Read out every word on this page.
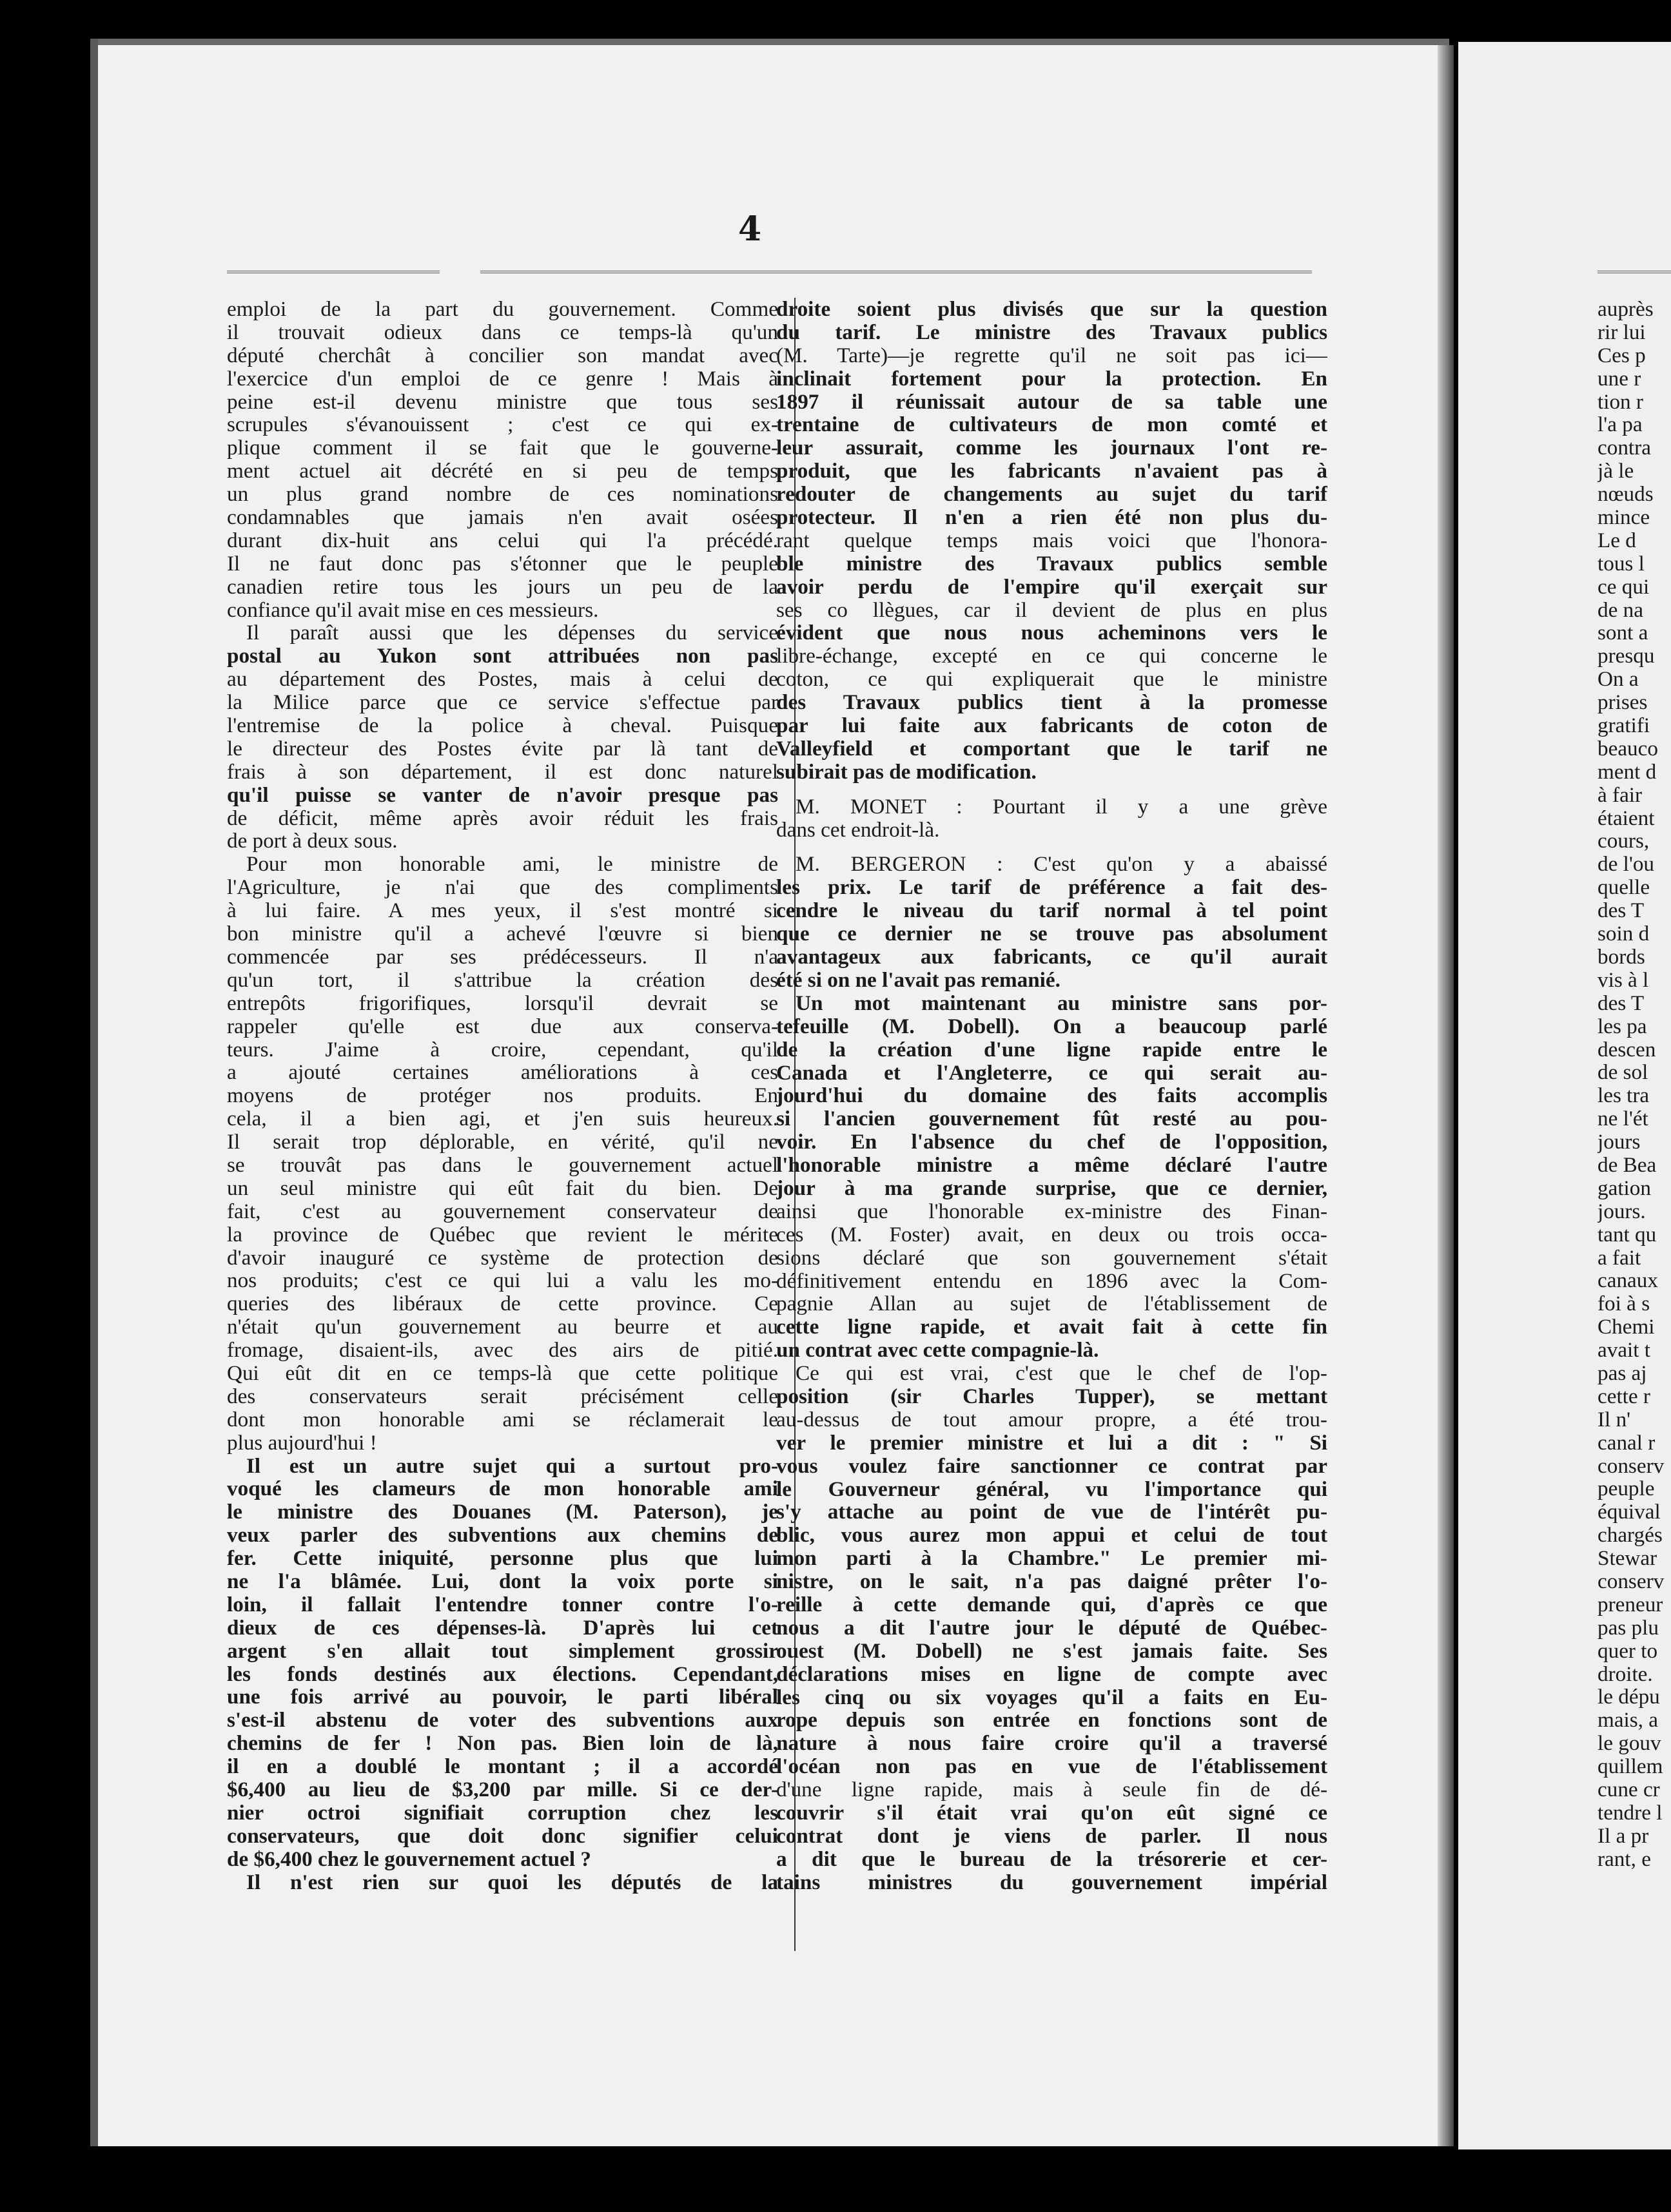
4
emploi de la part du gouvernement. Comme
il trouvait odieux dans ce temps-là qu'un
député cherchât à concilier son mandat avec
l'exercice d'un emploi de ce genre ! Mais à
peine est-il devenu ministre que tous ses
scrupules s'évanouissent ; c'est ce qui ex-
plique comment il se fait que le gouverne-
ment actuel ait décrété en si peu de temps
un plus grand nombre de ces nominations
condamnables que jamais n'en avait osées
durant dix-huit ans celui qui l'a précédé.
Il ne faut donc pas s'étonner que le peuple
canadien retire tous les jours un peu de la
confiance qu'il avait mise en ces messieurs.
Il paraît aussi que les dépenses du service
postal au Yukon sont attribuées non pas
au département des Postes, mais à celui de
la Milice parce que ce service s'effectue par
l'entremise de la police à cheval. Puisque
le directeur des Postes évite par là tant de
frais à son département, il est donc naturel
qu'il puisse se vanter de n'avoir presque pas
de déficit, même après avoir réduit les frais
de port à deux sous.
Pour mon honorable ami, le ministre de
l'Agriculture, je n'ai que des compliments
à lui faire. A mes yeux, il s'est montré si
bon ministre qu'il a achevé l'œuvre si bien
commencée par ses prédécesseurs. Il n'a
qu'un tort, il s'attribue la création des
entrepôts frigorifiques, lorsqu'il devrait se
rappeler qu'elle est due aux conserva-
teurs. J'aime à croire, cependant, qu'il
a ajouté certaines améliorations à ces
moyens de protéger nos produits. En
cela, il a bien agi, et j'en suis heureux.
Il serait trop déplorable, en vérité, qu'il ne
se trouvât pas dans le gouvernement actuel
un seul ministre qui eût fait du bien. De
fait, c'est au gouvernement conservateur de
la province de Québec que revient le mérite
d'avoir inauguré ce système de protection de
nos produits; c'est ce qui lui a valu les mo-
queries des libéraux de cette province. Ce
n'était qu'un gouvernement au beurre et au
fromage, disaient-ils, avec des airs de pitié.
Qui eût dit en ce temps-là que cette politique
des conservateurs serait précisément celle
dont mon honorable ami se réclamerait le
plus aujourd'hui !
Il est un autre sujet qui a surtout pro-
voqué les clameurs de mon honorable ami
le ministre des Douanes (M. Paterson), je
veux parler des subventions aux chemins de
fer. Cette iniquité, personne plus que lui
ne l'a blâmée. Lui, dont la voix porte si
loin, il fallait l'entendre tonner contre l'o-
dieux de ces dépenses-là. D'après lui cet
argent s'en allait tout simplement grossir
les fonds destinés aux élections. Cependant,
une fois arrivé au pouvoir, le parti libéral
s'est-il abstenu de voter des subventions aux
chemins de fer ! Non pas. Bien loin de là,
il en a doublé le montant ; il a accordé
$6,400 au lieu de $3,200 par mille. Si ce der-
nier octroi signifiait corruption chez les
conservateurs, que doit donc signifier celui
de $6,400 chez le gouvernement actuel ?
Il n'est rien sur quoi les députés de la
droite soient plus divisés que sur la question
du tarif. Le ministre des Travaux publics
(M. Tarte)—je regrette qu'il ne soit pas ici—
inclinait fortement pour la protection. En
1897 il réunissait autour de sa table une
trentaine de cultivateurs de mon comté et
leur assurait, comme les journaux l'ont re-
produit, que les fabricants n'avaient pas à
redouter de changements au sujet du tarif
protecteur. Il n'en a rien été non plus du-
rant quelque temps mais voici que l'honora-
ble ministre des Travaux publics semble
avoir perdu de l'empire qu'il exerçait sur
ses co llègues, car il devient de plus en plus
évident que nous nous acheminons vers le
libre-échange, excepté en ce qui concerne le
coton, ce qui expliquerait que le ministre
des Travaux publics tient à la promesse
par lui faite aux fabricants de coton de
Valleyfield et comportant que le tarif ne
subirait pas de modification.
M. MONET : Pourtant il y a une grève
dans cet endroit-là.
M. BERGERON : C'est qu'on y a abaissé
les prix. Le tarif de préférence a fait des-
cendre le niveau du tarif normal à tel point
que ce dernier ne se trouve pas absolument
avantageux aux fabricants, ce qu'il aurait
été si on ne l'avait pas remanié.
Un mot maintenant au ministre sans por-
tefeuille (M. Dobell). On a beaucoup parlé
de la création d'une ligne rapide entre le
Canada et l'Angleterre, ce qui serait au-
jourd'hui du domaine des faits accomplis
si l'ancien gouvernement fût resté au pou-
voir. En l'absence du chef de l'opposition,
l'honorable ministre a même déclaré l'autre
jour à ma grande surprise, que ce dernier,
ainsi que l'honorable ex-ministre des Finan-
ces (M. Foster) avait, en deux ou trois occa-
sions déclaré que son gouvernement s'était
définitivement entendu en 1896 avec la Com-
pagnie Allan au sujet de l'établissement de
cette ligne rapide, et avait fait à cette fin
un contrat avec cette compagnie-là.
Ce qui est vrai, c'est que le chef de l'op-
position (sir Charles Tupper), se mettant
au-dessus de tout amour propre, a été trou-
ver le premier ministre et lui a dit : " Si
vous voulez faire sanctionner ce contrat par
le Gouverneur général, vu l'importance qui
s'y attache au point de vue de l'intérêt pu-
blic, vous aurez mon appui et celui de tout
mon parti à la Chambre." Le premier mi-
nistre, on le sait, n'a pas daigné prêter l'o-
reille à cette demande qui, d'après ce que
nous a dit l'autre jour le député de Québec-
ouest (M. Dobell) ne s'est jamais faite. Ses
déclarations mises en ligne de compte avec
les cinq ou six voyages qu'il a faits en Eu-
rope depuis son entrée en fonctions sont de
nature à nous faire croire qu'il a traversé
l'océan non pas en vue de l'établissement
d'une ligne rapide, mais à seule fin de dé-
couvrir s'il était vrai qu'on eût signé ce
contrat dont je viens de parler. Il nous
a dit que le bureau de la trésorerie et cer-
tains ministres du gouvernement impérial
auprès
rir lui
Ces p
une r
tion r
l'a pa
contra
jà le
nœuds
mince
Le d
tous l
ce qui
de na
sont a
presqu
On a
prises
gratifi
beauco
ment d
à fair
étaient
cours,
de l'ou
quelle
des T
soin d
bords
vis à l
des T
les pa
descen
de sol
les tra
ne l'ét
jours
de Bea
gation
jours.
tant qu
a fait
canaux
foi à s
Chemi
avait t
pas aj
cette r
Il n'
canal r
conserv
peuple
équival
chargés
Stewar
conserv
preneur
pas plu
quer to
droite.
le dépu
mais, a
le gouv
quillem
cune cr
tendre l
Il a pr
rant, e
